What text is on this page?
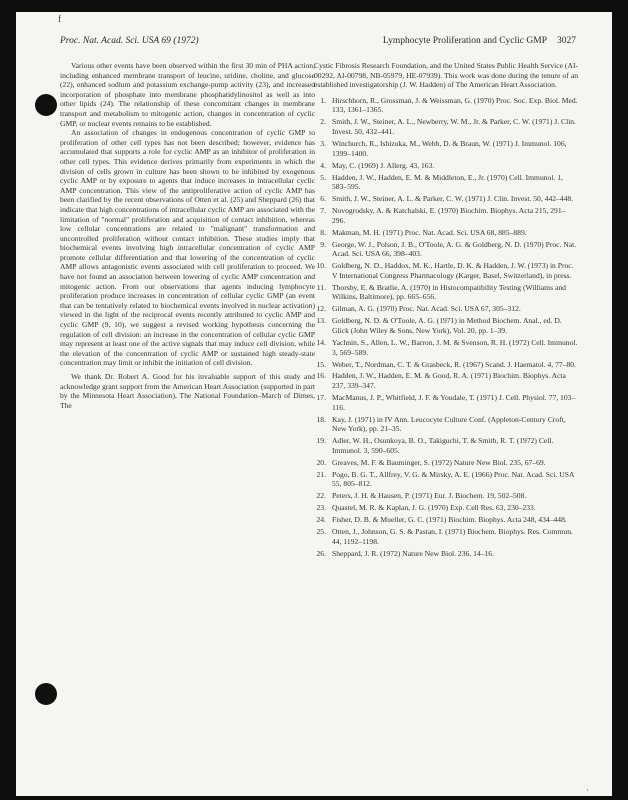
f
Proc. Nat. Acad. Sci. USA 69 (1972)	Lymphocyte Proliferation and Cyclic GMP 3027

Various other events have been observed within the first 30 min of PHA action, including enhanced membrane transport of leucine, uridine, choline, and glucose (22), enhanced sodium and potassium exchange-pump activity (23), and increased incorporation of phosphate into membrane phosphatidylinositol as well as into other lipids (24). The relationship of these concomitant changes in membrane transport and metabolism to mitogenic action, changes in concentration of cyclic GMP, or nuclear events remains to be established.

An association of changes in endogenous concentration of cyclic GMP to proliferation of other cell types has not been described; however, evidence has accumulated that supports a role for cyclic AMP as an inhibitor of proliferation in other cell types. This evidence derives primarily from experiments in which the division of cells grown in culture has been shown to be inhibited by exogenous cyclic AMP or by exposure to agents that induce increases in intracellular cyclic AMP concentration. This view of the antiproliferative action of cyclic AMP has been clarified by the recent observations of Otten et al. (25) and Sheppard (26) that indicate that high concentrations of intracellular cyclic AMP are associated with the limitation of "normal" proliferation and acquisition of contact inhibition, whereas low cellular concentrations are related to "malignant" transformation and uncontrolled proliferation without contact inhibition. These studies imply that biochemical events involving high intracellular concentration of cyclic AMP promote cellular differentiation and that lowering of the concentration of cyclic AMP allows antagonistic events associated with cell proliferation to proceed. We have not found an association between lowering of cyclic AMP concentration and mitogenic action. From our observations that agents inducing lymphocyte proliferation produce increases in concentration of cellular cyclic GMP (an event that can be tentatively related to biochemical events involved in nuclear activation) viewed in the light of the reciprocal events recently attributed to cyclic AMP and cyclic GMP (9, 10), we suggest a revised working hypothesis concerning the regulation of cell division: an increase in the concentration of cellular cyclic GMP may represent at least one of the active signals that may induce cell division, while the elevation of the concentration of cyclic AMP or sustained high steady-state concentration may limit or inhibit the initiation of cell division.

We thank Dr. Robert A. Good for his invaluable support of this study and acknowledge grant support from the American Heart Association (supported in part by the Minnesota Heart Association), The National Foundation–March of Dimes, The

Cystic Fibrosis Research Foundation, and the United States Public Health Service (AI-00292, AI-00798, NB-05979, HE-07939). This work was done during the tenure of an established investigatorship (J. W. Hadden) of The American Heart Association.

1. Hirschhorn, R., Grossman, J. & Weissman, G. (1970) Proc. Soc. Exp. Biol. Med. 133, 1361–1365.
2. Smith, J. W., Steiner, A. L., Newberry, W. M., Jr. & Parker, C. W. (1971) J. Clin. Invest. 50, 432–441.
3. Winchurch, R., Ishizuka, M., Webb, D. & Braun, W. (1971) J. Immunol. 106, 1399–1400.
4. May, C. (1969) J. Allerg. 43, 163.
5. Hadden, J. W., Hadden, E. M. & Middleton, E., Jr. (1970) Cell. Immunol. 1, 583–595.
6. Smith, J. W., Steiner, A. L. & Parker, C. W. (1971) J. Clin. Invest. 50, 442–448.
7. Novogrodsky, A. & Katchalski, E. (1970) Biochim. Biophys. Acta 215, 291–296.
8. Makman, M. H. (1971) Proc. Nat. Acad. Sci. USA 68, 885–889.
9. George, W. J., Polson, J. B., O'Toole, A. G. & Goldberg, N. D. (1970) Proc. Nat. Acad. Sci. USA 66, 398–403.
10. Goldberg, N. D., Haddox, M. K., Hartle, D. K. & Hadden, J. W. (1973) in Proc. V International Congress Pharmacology (Karger, Basel, Switzerland), in press.
11. Thorsby, E. & Bratlie, A. (1970) in Histocompatibility Testing (Williams and Wilkins, Baltimore), pp. 665–656.
12. Gilman, A. G. (1970) Proc. Nat. Acad. Sci. USA 67, 305–312.
13. Goldberg, N. D. & O'Toole, A. G. (1971) in Method Biochem. Anal., ed. D. Glick (John Wiley & Sons, New York), Vol. 20, pp. 1–39.
14. Yachnin, S., Allen, L. W., Barron, J. M. & Svenson, R. H. (1972) Cell. Immunol. 3, 569–589.
15. Weber, T., Nordman, C. T. & Grasbeck, R. (1967) Scand. J. Haematol. 4, 77–80.
16. Hadden, J. W., Hadden, E. M. & Good, R. A. (1971) Biochim. Biophys. Acta 237, 339–347.
17. MacManus, J. P., Whitfield, J. F. & Youdale, T. (1971) J. Cell. Physiol. 77, 103–116.
18. Kay, J. (1971) in IV Ann. Leucocyte Culture Conf. (Appleton-Century Croft, New York), pp. 21–35.
19. Adler, W. H., Osunkoya, B. O., Takiguchi, T. & Smith, R. T. (1972) Cell. Immunol. 3, 590–605.
20. Greaves, M. F. & Bauminger, S. (1972) Nature New Biol. 235, 67–69.
21. Pogo, B. G. T., Allfrey, V. G. & Mirsky, A. E. (1966) Proc. Nat. Acad. Sci. USA 55, 805–812.
22. Peters, J. H. & Hausen, P. (1971) Eur. J. Biochem. 19, 502–508.
23. Quastel, M. R. & Kaplan, J. G. (1970) Exp. Cell Res. 63, 230–233.
24. Fisher, D. B. & Mueller, G. C. (1971) Biochim. Biophys. Acta 248, 434–448.
25. Otten, J., Johnson, G. S. & Pastan, I. (1971) Biochem. Biophys. Res. Commun. 44, 1192–1198.
26. Sheppard, J. R. (1972) Nature New Biol. 236, 14–16.
'
